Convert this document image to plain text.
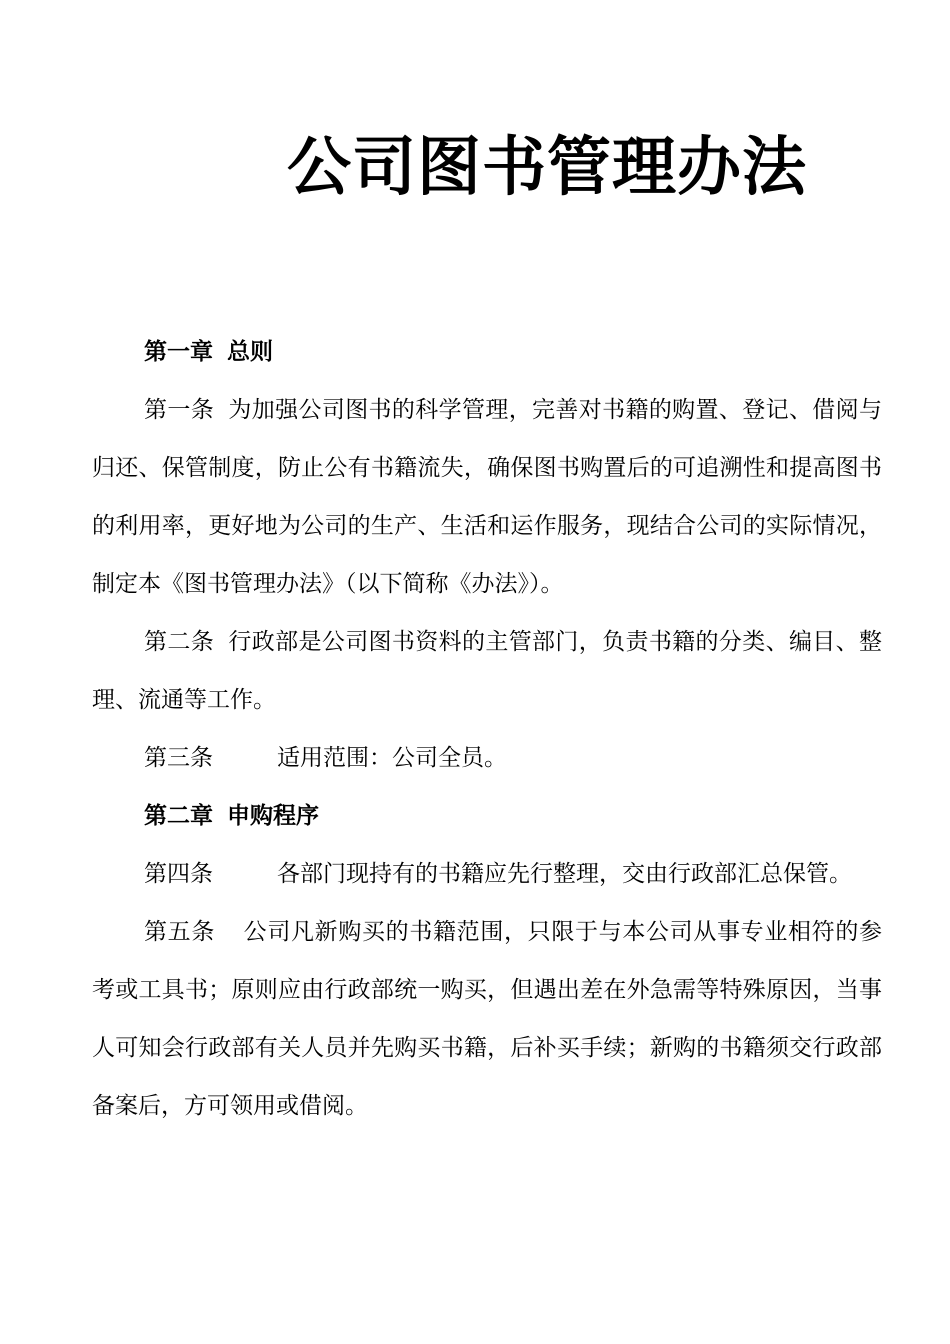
公司图书管理办法

第一章 总则

第一条 为加强公司图书的科学管理，完善对书籍的购置、登记、借阅与归还、保管制度，防止公有书籍流失，确保图书购置后的可追溯性和提高图书的利用率，更好地为公司的生产、生活和运作服务，现结合公司的实际情况，制定本《图书管理办法》（以下简称《办法》）。

第二条 行政部是公司图书资料的主管部门，负责书籍的分类、编目、整理、流通等工作。

第三条	适用范围：公司全员。

第二章 申购程序

第四条	各部门现持有的书籍应先行整理，交由行政部汇总保管。

第五条 公司凡新购买的书籍范围，只限于与本公司从事专业相符的参考或工具书；原则应由行政部统一购买，但遇出差在外急需等特殊原因，当事人可知会行政部有关人员并先购买书籍，后补买手续；新购的书籍须交行政部备案后，方可领用或借阅。
